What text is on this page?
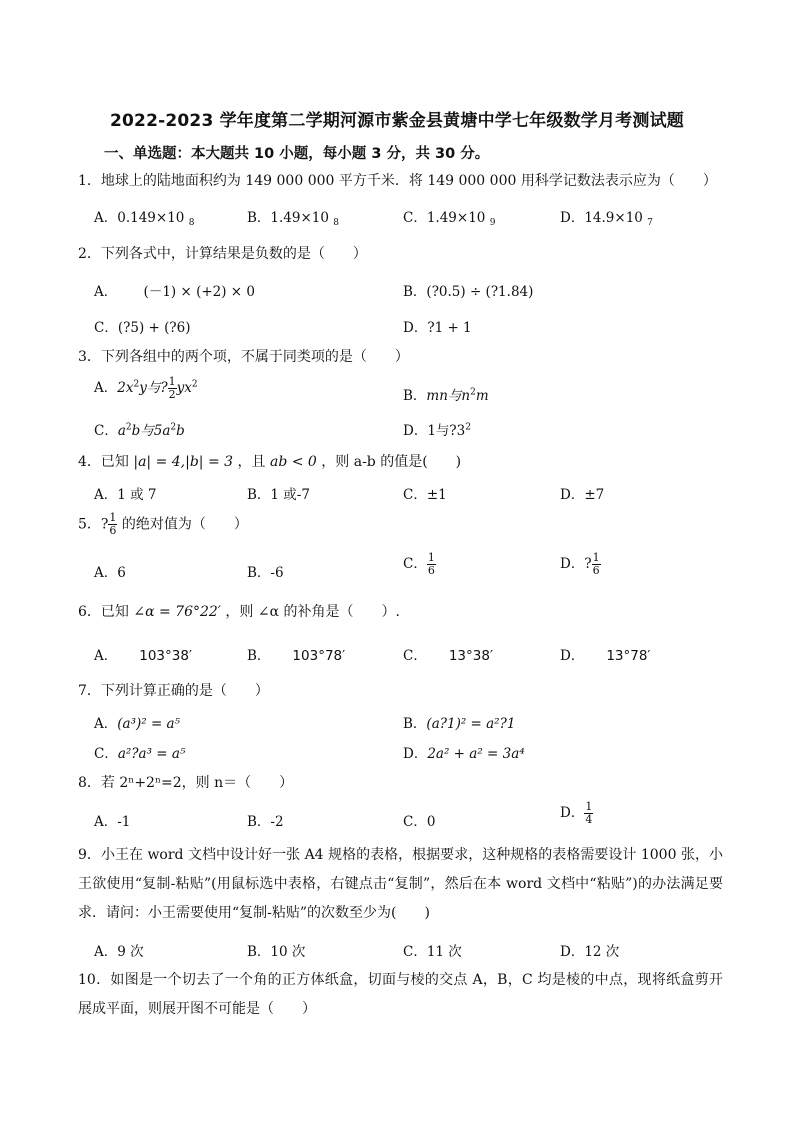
2022-2023 学年度第二学期河源市紫金县黄塘中学七年级数学月考测试题
一、单选题：本大题共 10 小题，每小题 3 分，共 30 分。
1．地球上的陆地面积约为 149 000 000 平方千米．将 149 000 000 用科学记数法表示应为（　　）
A．0.149×10 $_8$	B．1.49×10 $_8$	C．1.49×10 $_9$	D．14.9×10 $_7$
2．下列各式中，计算结果是负数的是（　　）
A． (－1) × (+2) × 0	B．(?0.5) ÷ (?1.84)
C．(?5) + (?6)	D．?1 + 1
3．下列各组中的两个项，不属于同类项的是（　　）
A．$2x^2y$与? $\frac{1}{2} yx^2$
B．mn与$n^2m$
C．$a^2b$与$5a^2b$	D．1与$?3^2$
4．已知 |a| = 4,|b| = 3 ，且 ab < 0 ，则 a-b 的值是(　　)
A．1 或 7	B．1 或-7	C．±1	D．±7
5．? $\frac{1}{6}$ 的绝对值为（　　）
A．6	B．-6
C． $\frac{1}{6}$	D．? $\frac{1}{6}$
6．已知 ∠α = 76°22′ ，则 ∠α 的补角是（　　）.
A． 103°38′	B． 103°78′	C． 13°38′	D． 13°78′
7．下列计算正确的是（　　）
A．(a³)² = a⁵	B．(a?1)² = a²?1
C．a²?a³ = a⁵	D．2a² + a² = 3a⁴
8．若 2ⁿ+2ⁿ=2，则 n＝（　　）
A．-1	B．-2	C．0
D． $\frac{1}{4}$
9．小王在 word 文档中设计好一张 A4 规格的表格，根据要求，这种规格的表格需要设计 1000 张，小王欲使用“复制-粘贴”(用鼠标选中表格，右键点击“复制”，然后在本 word 文档中“粘贴”)的办法满足要求．请问：小王需要使用“复制-粘贴”的次数至少为(　　)
A．9 次	B．10 次	C．11 次	D．12 次
10．如图是一个切去了一个角的正方体纸盒，切面与棱的交点 A，B，C 均是棱的中点，现将纸盒剪开展成平面，则展开图不可能是（　　）
